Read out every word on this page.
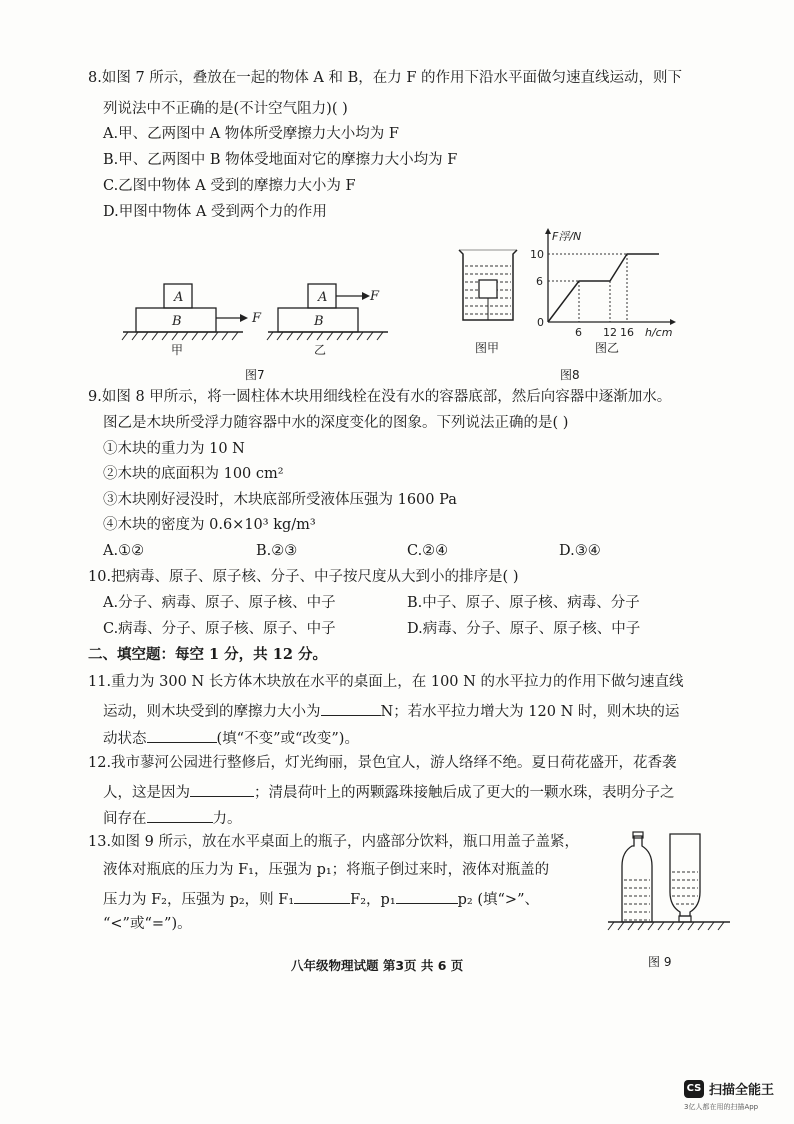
8.如图 7 所示，叠放在一起的物体 A 和 B，在力 F 的作用下沿水平面做匀速直线运动，则下
列说法中不正确的是(不计空气阻力)( )
A.甲、乙两图中 A 物体所受摩擦力大小均为 F
B.甲、乙两图中 B 物体受地面对它的摩擦力大小均为 F
C.乙图中物体 A 受到的摩擦力大小为 F
D.甲图中物体 A 受到两个力的作用
A
B	F
A
B
F
甲	乙
图7
F浮/N
10
6
0
6 12 16 h/cm
图甲	图乙
图8
9.如图 8 甲所示，将一圆柱体木块用细线栓在没有水的容器底部，然后向容器中逐渐加水。
图乙是木块所受浮力随容器中水的深度变化的图象。下列说法正确的是( )
①木块的重力为 10 N
②木块的底面积为 100 cm²
③木块刚好浸没时，木块底部所受液体压强为 1600 Pa
④木块的密度为 0.6×10³ kg/m³
A.①②	B.②③	C.②④	D.③④
10.把病毒、原子、原子核、分子、中子按尺度从大到小的排序是( )
A.分子、病毒、原子、原子核、中子	B.中子、原子、原子核、病毒、分子
C.病毒、分子、原子核、原子、中子	D.病毒、分子、原子、原子核、中子
二、填空题：每空 1 分，共 12 分。
11.重力为 300 N 长方体木块放在水平的桌面上，在 100 N 的水平拉力的作用下做匀速直线
运动，则木块受到的摩擦力大小为	N；若水平拉力增大为 120 N 时，则木块的运
动状态	(填“不变”或“改变”)。
12.我市蓼河公园进行整修后，灯光绚丽，景色宜人，游人络绎不绝。夏日荷花盛开，花香袭
人，这是因为	；清晨荷叶上的两颗露珠接触后成了更大的一颗水珠，表明分子之
间存在	力。
13.如图 9 所示，放在水平桌面上的瓶子，内盛部分饮料，瓶口用盖子盖紧，
液体对瓶底的压力为 F₁，压强为 p₁；将瓶子倒过来时，液体对瓶盖的
压力为 F₂，压强为 p₂，则 F₁	F₂，p₁	p₂ (填“>”、
“<”或“=”)。
图 9
八年级物理试题 第3页 共 6 页
CS 扫描全能王
3亿人都在用的扫描App
